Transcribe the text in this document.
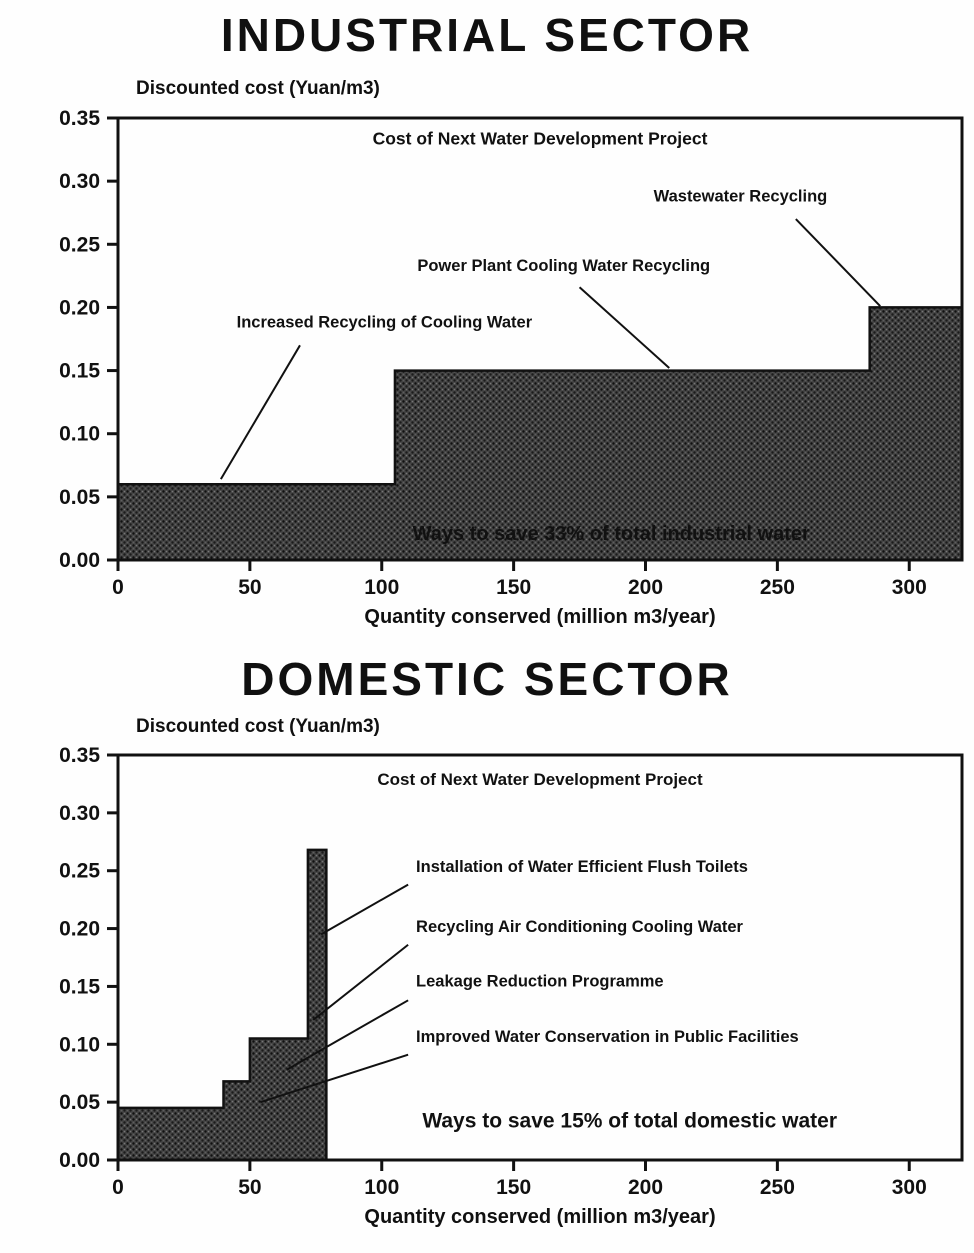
INDUSTRIAL SECTOR
Discounted cost (Yuan/m3)
0.00
0.05
0.10
0.15
0.20
0.25
0.30
0.35
0	50	100	150	200	250	300
Cost of Next Water Development Project
Wastewater Recycling
Power Plant Cooling Water Recycling
Increased Recycling of Cooling Water
Ways to save 33% of total industrial water
Quantity conserved (million m3/year)
DOMESTIC SECTOR
Discounted cost (Yuan/m3)
0.00
0.05
0.10
0.15
0.20
0.25
0.30
0.35
0	50	100	150	200	250	300
Cost of Next Water Development Project
Installation of Water Efficient Flush Toilets
Recycling Air Conditioning Cooling Water
Leakage Reduction Programme
Improved Water Conservation in Public Facilities
Ways to save 15% of total domestic water
Quantity conserved (million m3/year)
